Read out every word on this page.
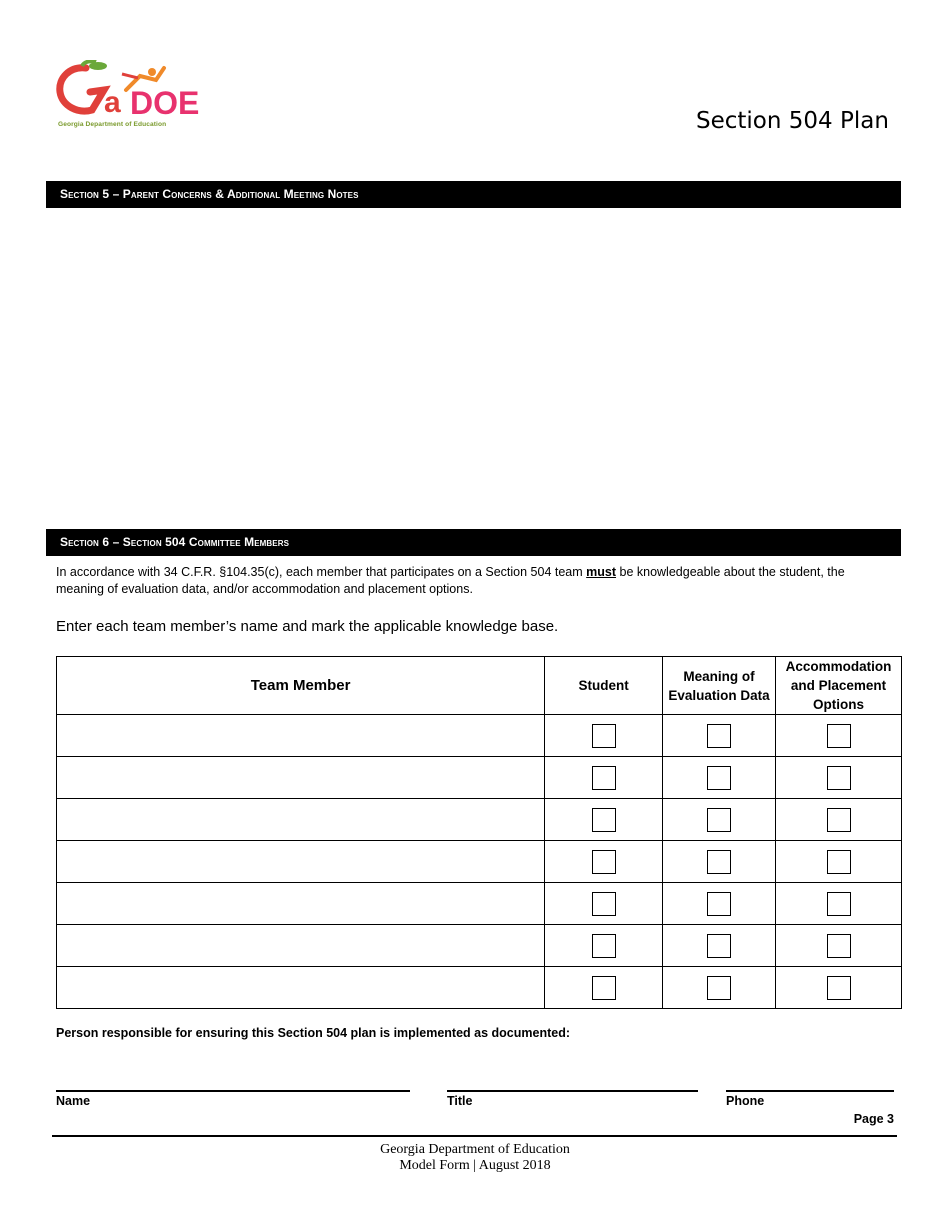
a DOE
Georgia Department of Education	Section 504 Plan
Section 5 – Parent Concerns & Additional Meeting Notes
Section 6 – Section 504 Committee Members
In accordance with 34 C.F.R. §104.35(c), each member that participates on a Section 504 team must be knowledgeable about the student, the meaning of evaluation data, and/or accommodation and placement options.
Enter each team member’s name and mark the applicable knowledge base.
Team Member	Student	Meaning of Evaluation Data	Accommodation and Placement Options

Person responsible for ensuring this Section 504 plan is implemented as documented:
Name	Title	Phone
Page 3
Georgia Department of Education
Model Form | August 2018
